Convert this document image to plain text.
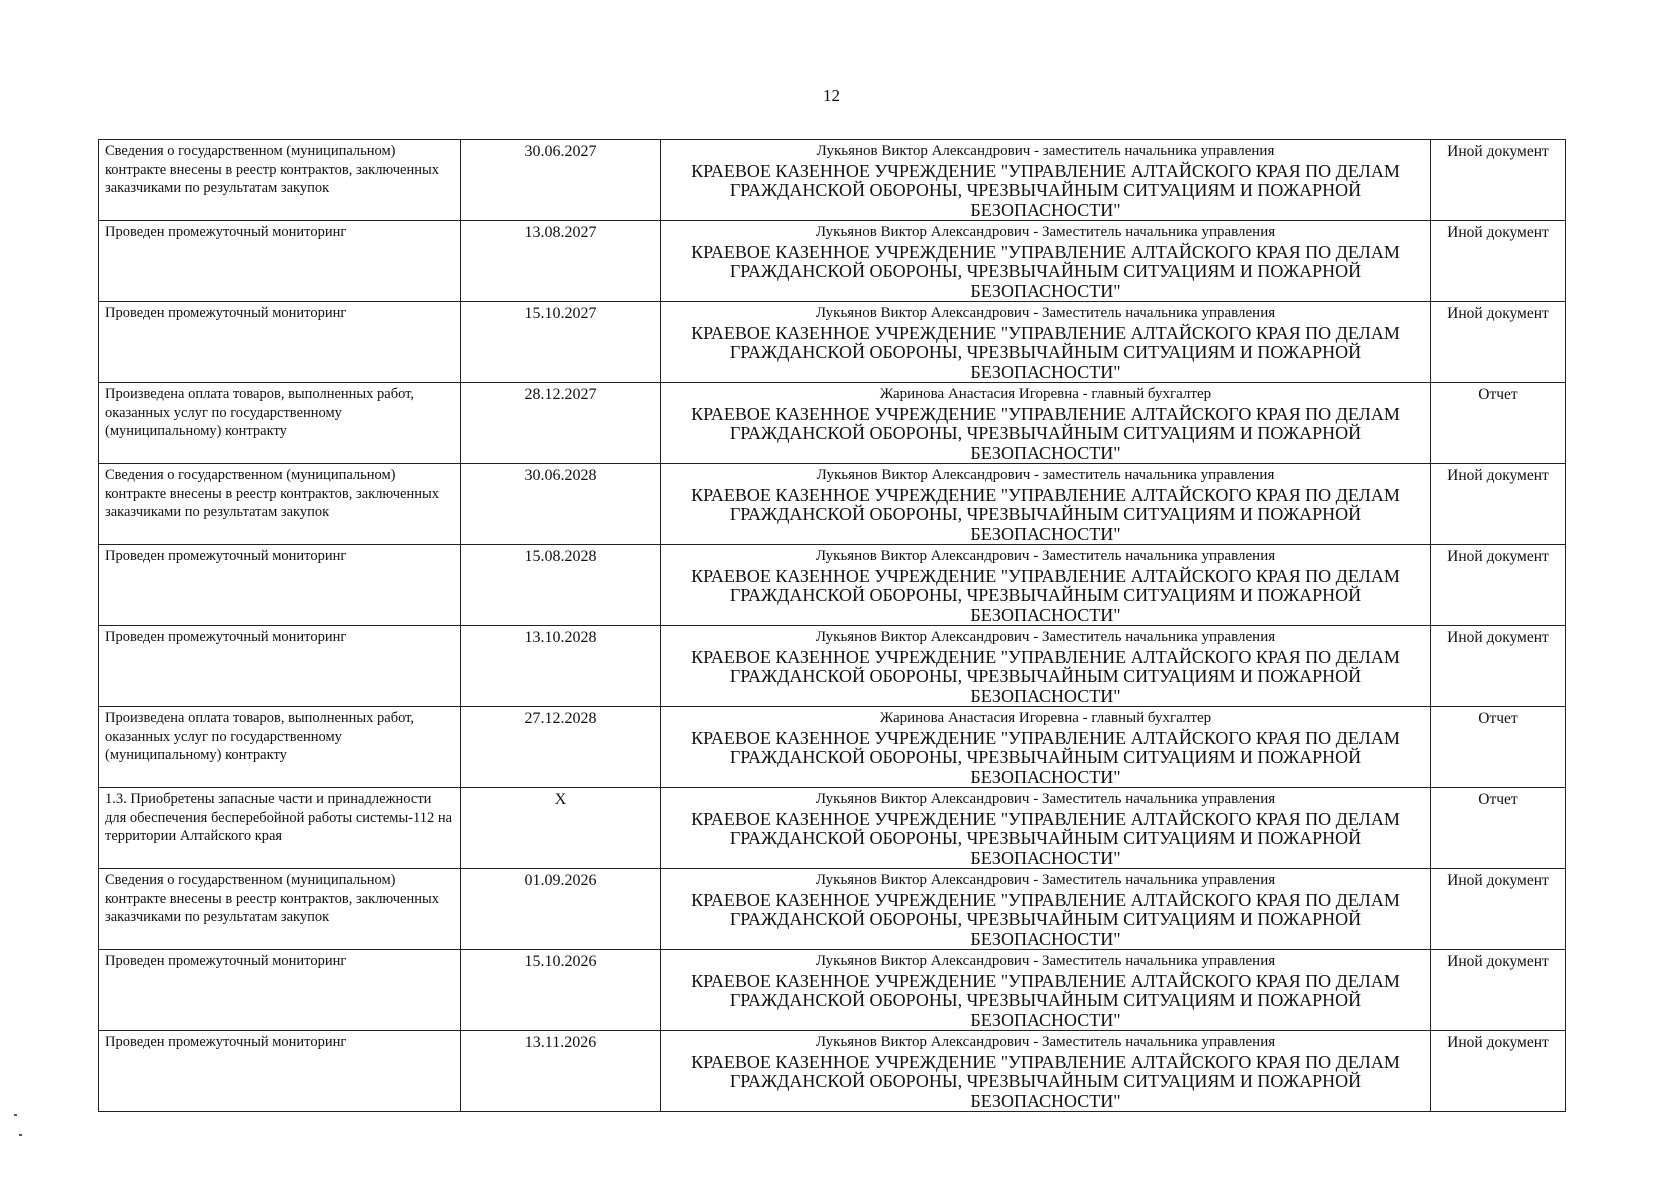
12
Сведения о государственном (муниципальном) контракте внесены в реестр контрактов, заключенных заказчиками по результатам закупок	30.06.2027	Лукьянов Виктор Александрович - заместитель начальника управления
КРАЕВОЕ КАЗЕННОЕ УЧРЕЖДЕНИЕ "УПРАВЛЕНИЕ АЛТАЙСКОГО КРАЯ ПО ДЕЛАМ ГРАЖДАНСКОЙ ОБОРОНЫ, ЧРЕЗВЫЧАЙНЫМ СИТУАЦИЯМ И ПОЖАРНОЙ БЕЗОПАСНОСТИ"	Иной документ
Проведен промежуточный мониторинг	13.08.2027	Лукьянов Виктор Александрович - Заместитель начальника управления
КРАЕВОЕ КАЗЕННОЕ УЧРЕЖДЕНИЕ "УПРАВЛЕНИЕ АЛТАЙСКОГО КРАЯ ПО ДЕЛАМ ГРАЖДАНСКОЙ ОБОРОНЫ, ЧРЕЗВЫЧАЙНЫМ СИТУАЦИЯМ И ПОЖАРНОЙ БЕЗОПАСНОСТИ"	Иной документ
Проведен промежуточный мониторинг	15.10.2027	Лукьянов Виктор Александрович - Заместитель начальника управления
КРАЕВОЕ КАЗЕННОЕ УЧРЕЖДЕНИЕ "УПРАВЛЕНИЕ АЛТАЙСКОГО КРАЯ ПО ДЕЛАМ ГРАЖДАНСКОЙ ОБОРОНЫ, ЧРЕЗВЫЧАЙНЫМ СИТУАЦИЯМ И ПОЖАРНОЙ БЕЗОПАСНОСТИ"	Иной документ
Произведена оплата товаров, выполненных работ, оказанных услуг по государственному (муниципальному) контракту	28.12.2027	Жаринова Анастасия Игоревна - главный бухгалтер
КРАЕВОЕ КАЗЕННОЕ УЧРЕЖДЕНИЕ "УПРАВЛЕНИЕ АЛТАЙСКОГО КРАЯ ПО ДЕЛАМ ГРАЖДАНСКОЙ ОБОРОНЫ, ЧРЕЗВЫЧАЙНЫМ СИТУАЦИЯМ И ПОЖАРНОЙ БЕЗОПАСНОСТИ"	Отчет
Сведения о государственном (муниципальном) контракте внесены в реестр контрактов, заключенных заказчиками по результатам закупок	30.06.2028	Лукьянов Виктор Александрович - заместитель начальника управления
КРАЕВОЕ КАЗЕННОЕ УЧРЕЖДЕНИЕ "УПРАВЛЕНИЕ АЛТАЙСКОГО КРАЯ ПО ДЕЛАМ ГРАЖДАНСКОЙ ОБОРОНЫ, ЧРЕЗВЫЧАЙНЫМ СИТУАЦИЯМ И ПОЖАРНОЙ БЕЗОПАСНОСТИ"	Иной документ
Проведен промежуточный мониторинг	15.08.2028	Лукьянов Виктор Александрович - Заместитель начальника управления
КРАЕВОЕ КАЗЕННОЕ УЧРЕЖДЕНИЕ "УПРАВЛЕНИЕ АЛТАЙСКОГО КРАЯ ПО ДЕЛАМ ГРАЖДАНСКОЙ ОБОРОНЫ, ЧРЕЗВЫЧАЙНЫМ СИТУАЦИЯМ И ПОЖАРНОЙ БЕЗОПАСНОСТИ"	Иной документ
Проведен промежуточный мониторинг	13.10.2028	Лукьянов Виктор Александрович - Заместитель начальника управления
КРАЕВОЕ КАЗЕННОЕ УЧРЕЖДЕНИЕ "УПРАВЛЕНИЕ АЛТАЙСКОГО КРАЯ ПО ДЕЛАМ ГРАЖДАНСКОЙ ОБОРОНЫ, ЧРЕЗВЫЧАЙНЫМ СИТУАЦИЯМ И ПОЖАРНОЙ БЕЗОПАСНОСТИ"	Иной документ
Произведена оплата товаров, выполненных работ, оказанных услуг по государственному (муниципальному) контракту	27.12.2028	Жаринова Анастасия Игоревна - главный бухгалтер
КРАЕВОЕ КАЗЕННОЕ УЧРЕЖДЕНИЕ "УПРАВЛЕНИЕ АЛТАЙСКОГО КРАЯ ПО ДЕЛАМ ГРАЖДАНСКОЙ ОБОРОНЫ, ЧРЕЗВЫЧАЙНЫМ СИТУАЦИЯМ И ПОЖАРНОЙ БЕЗОПАСНОСТИ"	Отчет
1.3. Приобретены запасные части и принадлежности для обеспечения бесперебойной работы системы-112 на территории Алтайского края	X	Лукьянов Виктор Александрович - Заместитель начальника управления
КРАЕВОЕ КАЗЕННОЕ УЧРЕЖДЕНИЕ "УПРАВЛЕНИЕ АЛТАЙСКОГО КРАЯ ПО ДЕЛАМ ГРАЖДАНСКОЙ ОБОРОНЫ, ЧРЕЗВЫЧАЙНЫМ СИТУАЦИЯМ И ПОЖАРНОЙ БЕЗОПАСНОСТИ"	Отчет
Сведения о государственном (муниципальном) контракте внесены в реестр контрактов, заключенных заказчиками по результатам закупок	01.09.2026	Лукьянов Виктор Александрович - Заместитель начальника управления
КРАЕВОЕ КАЗЕННОЕ УЧРЕЖДЕНИЕ "УПРАВЛЕНИЕ АЛТАЙСКОГО КРАЯ ПО ДЕЛАМ ГРАЖДАНСКОЙ ОБОРОНЫ, ЧРЕЗВЫЧАЙНЫМ СИТУАЦИЯМ И ПОЖАРНОЙ БЕЗОПАСНОСТИ"	Иной документ
Проведен промежуточный мониторинг	15.10.2026	Лукьянов Виктор Александрович - Заместитель начальника управления
КРАЕВОЕ КАЗЕННОЕ УЧРЕЖДЕНИЕ "УПРАВЛЕНИЕ АЛТАЙСКОГО КРАЯ ПО ДЕЛАМ ГРАЖДАНСКОЙ ОБОРОНЫ, ЧРЕЗВЫЧАЙНЫМ СИТУАЦИЯМ И ПОЖАРНОЙ БЕЗОПАСНОСТИ"	Иной документ
Проведен промежуточный мониторинг	13.11.2026	Лукьянов Виктор Александрович - Заместитель начальника управления
КРАЕВОЕ КАЗЕННОЕ УЧРЕЖДЕНИЕ "УПРАВЛЕНИЕ АЛТАЙСКОГО КРАЯ ПО ДЕЛАМ ГРАЖДАНСКОЙ ОБОРОНЫ, ЧРЕЗВЫЧАЙНЫМ СИТУАЦИЯМ И ПОЖАРНОЙ БЕЗОПАСНОСТИ"	Иной документ
